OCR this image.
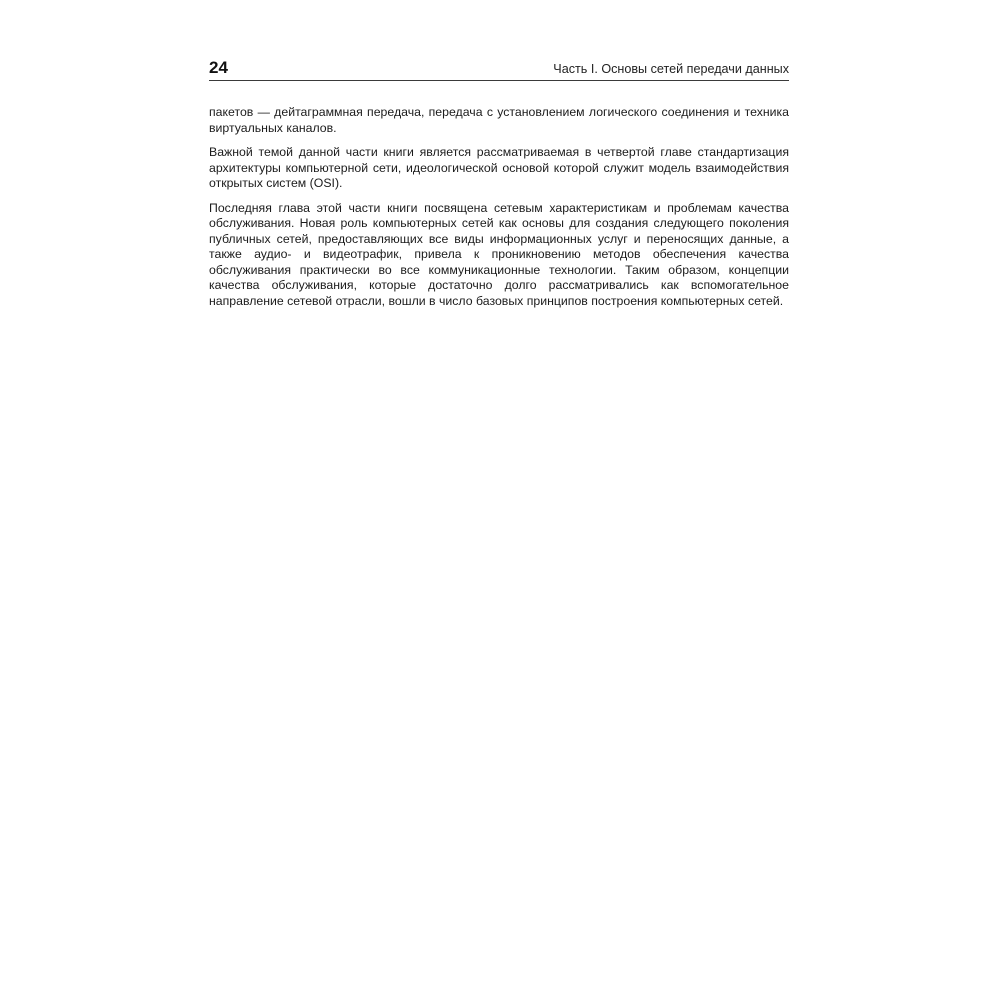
24	Часть I. Основы сетей передачи данных

пакетов — дейтаграммная передача, передача с установлением логического соединения и техника виртуальных каналов.

Важной темой данной части книги является рассматриваемая в четвертой главе стандартизация архитектуры компьютерной сети, идеологической основой которой служит модель взаимодействия открытых систем (OSI).

Последняя глава этой части книги посвящена сетевым характеристикам и проблемам качества обслуживания. Новая роль компьютерных сетей как основы для создания следующего поколения публичных сетей, предоставляющих все виды информационных услуг и переносящих данные, а также аудио- и видеотрафик, привела к проникновению методов обеспечения качества обслуживания практически во все коммуникационные технологии. Таким образом, концепции качества обслуживания, которые достаточно долго рассматривались как вспомогательное направление сетевой отрасли, вошли в число базовых принципов построения компьютерных сетей.
